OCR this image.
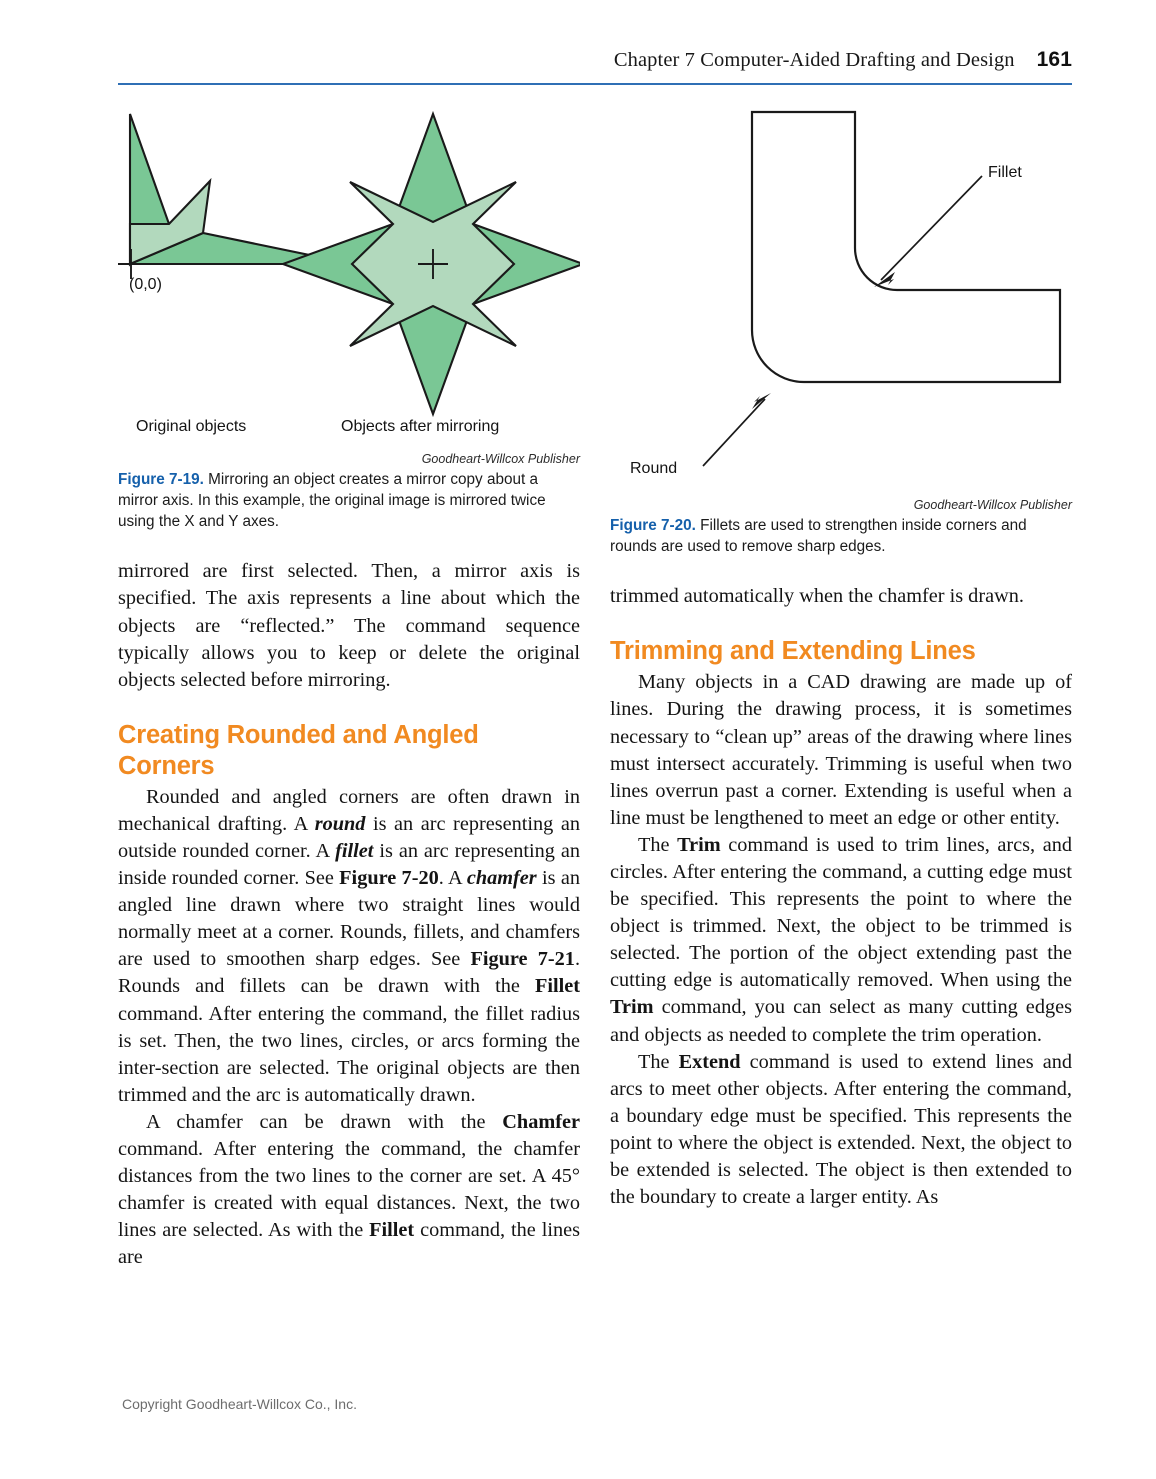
Chapter 7 Computer-Aided Drafting and Design 161
(0,0)
Original objects	Objects after mirroring
Goodheart-Willcox Publisher
Figure 7-19. Mirroring an object creates a mirror copy about a mirror axis. In this example, the original image is mirrored twice using the X and Y axes.

mirrored are first selected. Then, a mirror axis is specified. The axis represents a line about which the objects are “reflected.” The command sequence typically allows you to keep or delete the original objects selected before mirroring.

Creating Rounded and Angled Corners

Rounded and angled corners are often drawn in mechanical drafting. A round is an arc representing an outside rounded corner. A fillet is an arc representing an inside rounded corner. See Figure 7-20. A chamfer is an angled line drawn where two straight lines would normally meet at a corner. Rounds, fillets, and chamfers are used to smoothen sharp edges. See Figure 7-21. Rounds and fillets can be drawn with the Fillet command. After entering the command, the fillet radius is set. Then, the two lines, circles, or arcs forming the inter-section are selected. The original objects are then trimmed and the arc is automatically drawn.

A chamfer can be drawn with the Chamfer command. After entering the command, the chamfer distances from the two lines to the corner are set. A 45° chamfer is created with equal distances. Next, the two lines are selected. As with the Fillet command, the lines are

Fillet
Round
Goodheart-Willcox Publisher
Figure 7-20. Fillets are used to strengthen inside corners and rounds are used to remove sharp edges.

trimmed automatically when the chamfer is drawn.

Trimming and Extending Lines

Many objects in a CAD drawing are made up of lines. During the drawing process, it is sometimes necessary to “clean up” areas of the drawing where lines must intersect accurately. Trimming is useful when two lines overrun past a corner. Extending is useful when a line must be lengthened to meet an edge or other entity.

The Trim command is used to trim lines, arcs, and circles. After entering the command, a cutting edge must be specified. This represents the point to where the object is trimmed. Next, the object to be trimmed is selected. The portion of the object extending past the cutting edge is automatically removed. When using the Trim command, you can select as many cutting edges and objects as needed to complete the trim operation.

The Extend command is used to extend lines and arcs to meet other objects. After entering the command, a boundary edge must be specified. This represents the point to where the object is extended. Next, the object to be extended is selected. The object is then extended to the boundary to create a larger entity. As

Copyright Goodheart-Willcox Co., Inc.
